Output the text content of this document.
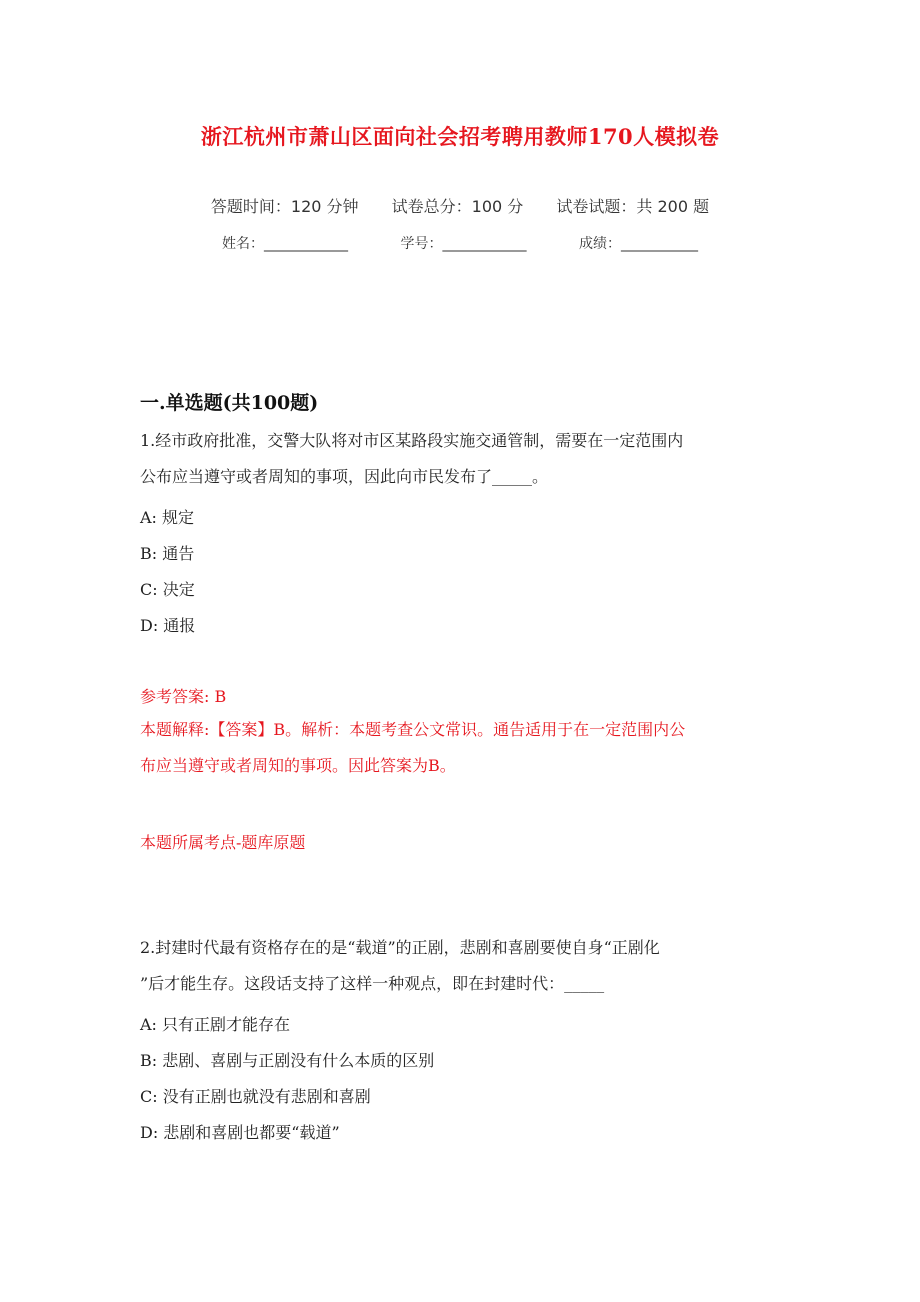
浙江杭州市萧山区面向社会招考聘用教师170人模拟卷
答题时间：120 分钟 试卷总分：100 分 试卷试题：共 200 题
姓名：____________	学号：____________	成绩：___________
一.单选题(共100题)
1.经市政府批准，交警大队将对市区某路段实施交通管制，需要在一定范围内
公布应当遵守或者周知的事项，因此向市民发布了_____。
A: 规定
B: 通告
C: 决定
D: 通报
参考答案: B
本题解释:【答案】B。解析：本题考查公文常识。通告适用于在一定范围内公
布应当遵守或者周知的事项。因此答案为B。
本题所属考点-题库原题
2.封建时代最有资格存在的是“载道”的正剧，悲剧和喜剧要使自身“正剧化
”后才能生存。这段话支持了这样一种观点，即在封建时代：_____
A: 只有正剧才能存在
B: 悲剧、喜剧与正剧没有什么本质的区别
C: 没有正剧也就没有悲剧和喜剧
D: 悲剧和喜剧也都要“载道”
